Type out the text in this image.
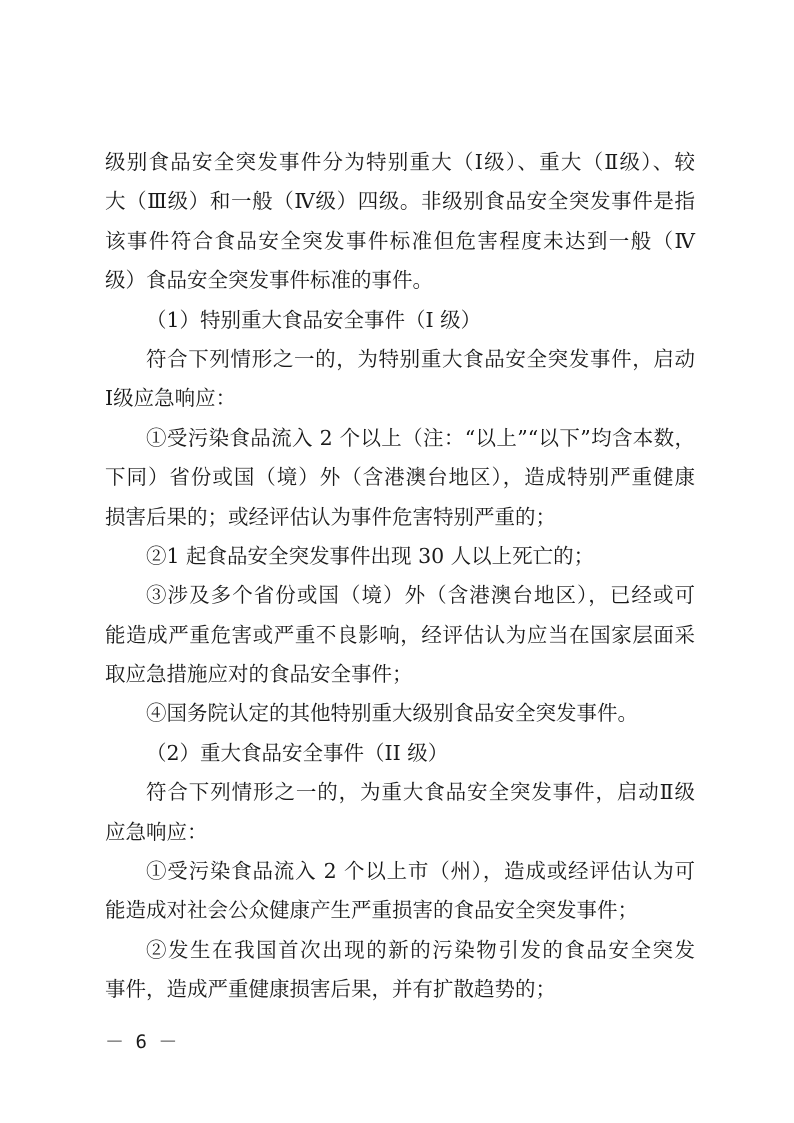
级别食品安全突发事件分为特别重大（Ⅰ级）、重大（Ⅱ级）、较
大（Ⅲ级）和一般（Ⅳ级）四级。非级别食品安全突发事件是指
该事件符合食品安全突发事件标准但危害程度未达到一般（Ⅳ
级）食品安全突发事件标准的事件。
（1）特别重大食品安全事件（I 级）
符合下列情形之一的，为特别重大食品安全突发事件，启动
Ⅰ级应急响应：
①受污染食品流入 2 个以上（注：“以上”“以下”均含本数，
下同）省份或国（境）外（含港澳台地区），造成特别严重健康
损害后果的；或经评估认为事件危害特别严重的；
②1 起食品安全突发事件出现 30 人以上死亡的；
③涉及多个省份或国（境）外（含港澳台地区），已经或可
能造成严重危害或严重不良影响，经评估认为应当在国家层面采
取应急措施应对的食品安全事件；
④国务院认定的其他特别重大级别食品安全突发事件。
（2）重大食品安全事件（II 级）
符合下列情形之一的，为重大食品安全突发事件，启动Ⅱ级
应急响应：
①受污染食品流入 2 个以上市（州），造成或经评估认为可
能造成对社会公众健康产生严重损害的食品安全突发事件；
②发生在我国首次出现的新的污染物引发的食品安全突发
事件，造成严重健康损害后果，并有扩散趋势的；
－ 6 －
